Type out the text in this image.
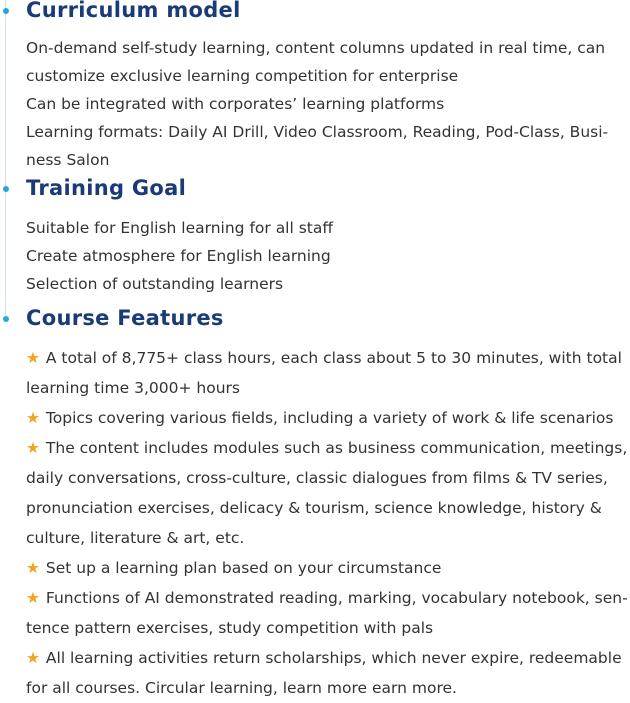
Curriculum model
On-demand self-study learning, content columns updated in real time, can
customize exclusive learning competition for enterprise
Can be integrated with corporates’ learning platforms
Learning formats: Daily AI Drill, Video Classroom, Reading, Pod-Class, Busi-
ness Salon
Training Goal
Suitable for English learning for all staff
Create atmosphere for English learning
Selection of outstanding learners
Course Features
★ A total of 8,775+ class hours, each class about 5 to 30 minutes, with total
learning time 3,000+ hours
★ Topics covering various fields, including a variety of work & life scenarios
★ The content includes modules such as business communication, meetings,
daily conversations, cross-culture, classic dialogues from films & TV series,
pronunciation exercises, delicacy & tourism, science knowledge, history &
culture, literature & art, etc.
★ Set up a learning plan based on your circumstance
★ Functions of AI demonstrated reading, marking, vocabulary notebook, sen-
tence pattern exercises, study competition with pals
★ All learning activities return scholarships, which never expire, redeemable
for all courses. Circular learning, learn more earn more.
